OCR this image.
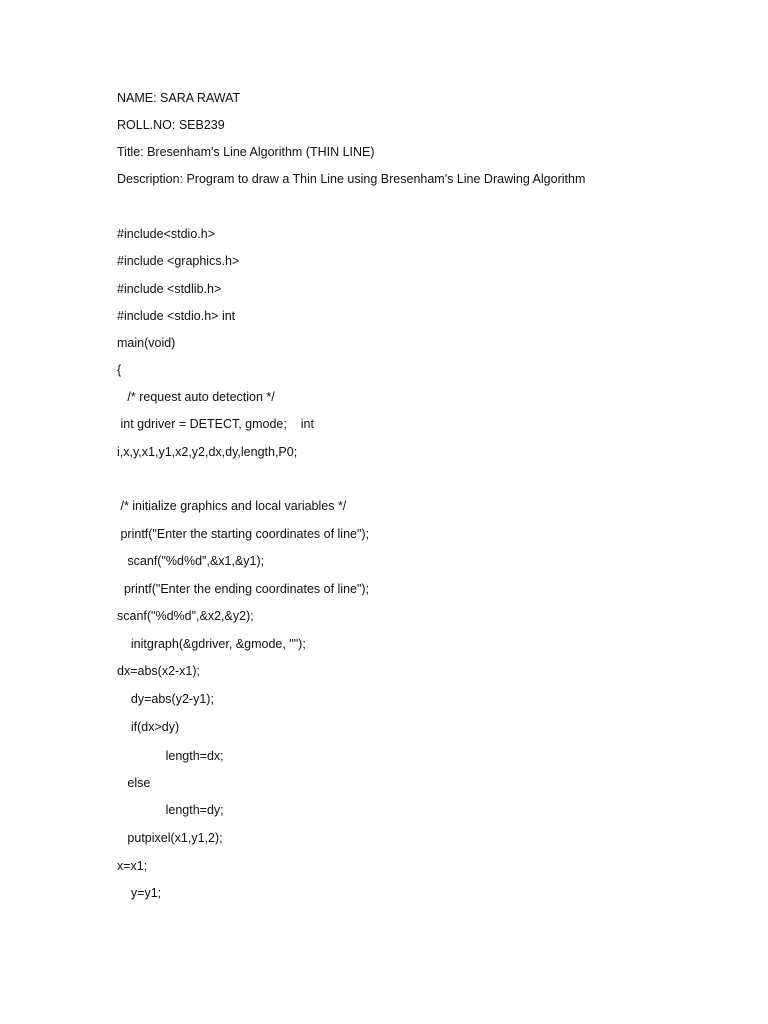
NAME: SARA RAWAT
ROLL.NO: SEB239
Title: Bresenham's Line Algorithm (THIN LINE)
Description: Program to draw a Thin Line using Bresenham's Line Drawing Algorithm
#include<stdio.h>
#include <graphics.h>
#include <stdlib.h>
#include <stdio.h> int
main(void)
{
/* request auto detection */
int gdriver = DETECT, gmode;    int
i,x,y,x1,y1,x2,y2,dx,dy,length,P0;
/* initialize graphics and local variables */
printf("Enter the starting coordinates of line");
scanf("%d%d",&x1,&y1);
printf("Enter the ending coordinates of line");
scanf("%d%d",&x2,&y2);
initgraph(&gdriver, &gmode, "");
dx=abs(x2-x1);
dy=abs(y2-y1);
if(dx>dy)
length=dx;
else
length=dy;
putpixel(x1,y1,2);
x=x1;
y=y1;
